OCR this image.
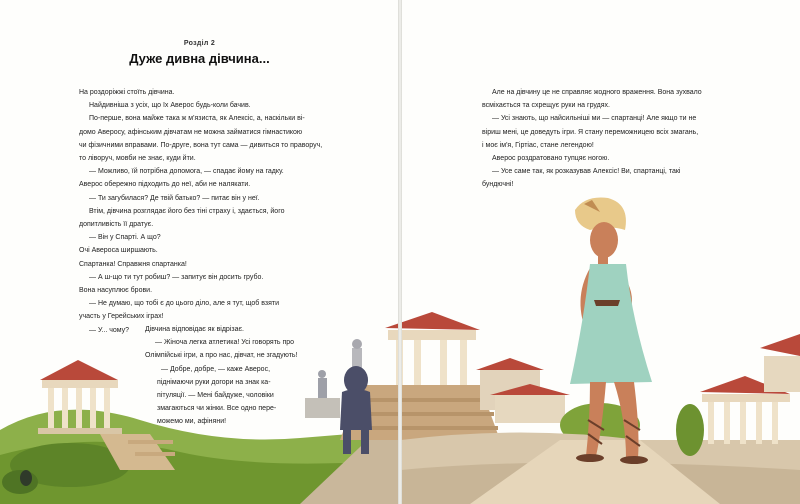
Розділ 2
Дуже дивна дівчина...

На роздоріжжі стоїть дівчина.

Найдивніша з усіх, що їх Аверос будь-коли бачив.

По-перше, вона майже така ж м'язиста, як Алексіс, а, наскільки ві-

домо Аверосу, афінським дівчатам не можна займатися гімнастикою

чи фізичними вправами. По-друге, вона тут сама — дивиться то праворуч,

то ліворуч, мовби не знає, куди йти.

— Можливо, їй потрібна допомога, — спадає йому на гадку.

Аверос обережно підходить до неї, аби не налякати.

— Ти загубилася? Де твій батько? — питає він у неї.

Втім, дівчина розглядає його без тіні страху і, здається, його

допитливість її дратує.

— Він у Спарті. А що?

Очі Авероса ширшають.

Спартанка! Справжня спартанка!

— А ш-що ти тут робиш? — запитує він досить грубо.

Вона насуплює брови.

— Не думаю, що тобі є до цього діло, але я тут, щоб взяти

участь у Герейських іграх!

— У... чому?	Дівчина відповідає як відрізає.

— Жіноча легка атлетика! Усі говорять про

Олімпійські ігри, а про нас, дівчат, не згадують!

— Добре, добре, — каже Аверос,

піднімаючи руки догори на знак ка-

пітуляції. — Мені байдуже, чоловіки

змагаються чи жінки. Все одно пере-

можемо ми, афіняни!

Але на дівчину це не справляє жодного враження. Вона зухвало

всміхається та схрещує руки на грудях.

— Усі знають, що найсильніші ми — спартанці! Але якщо ти не

віриш мені, це доведуть ігри. Я стану переможницею всіх змагань,

і моє ім'я, Гіртіас, стане легендою!

Аверос роздратовано тупцяє ногою.

— Усе саме так, як розказував Алексіс! Ви, спартанці, такі

бундючні!
